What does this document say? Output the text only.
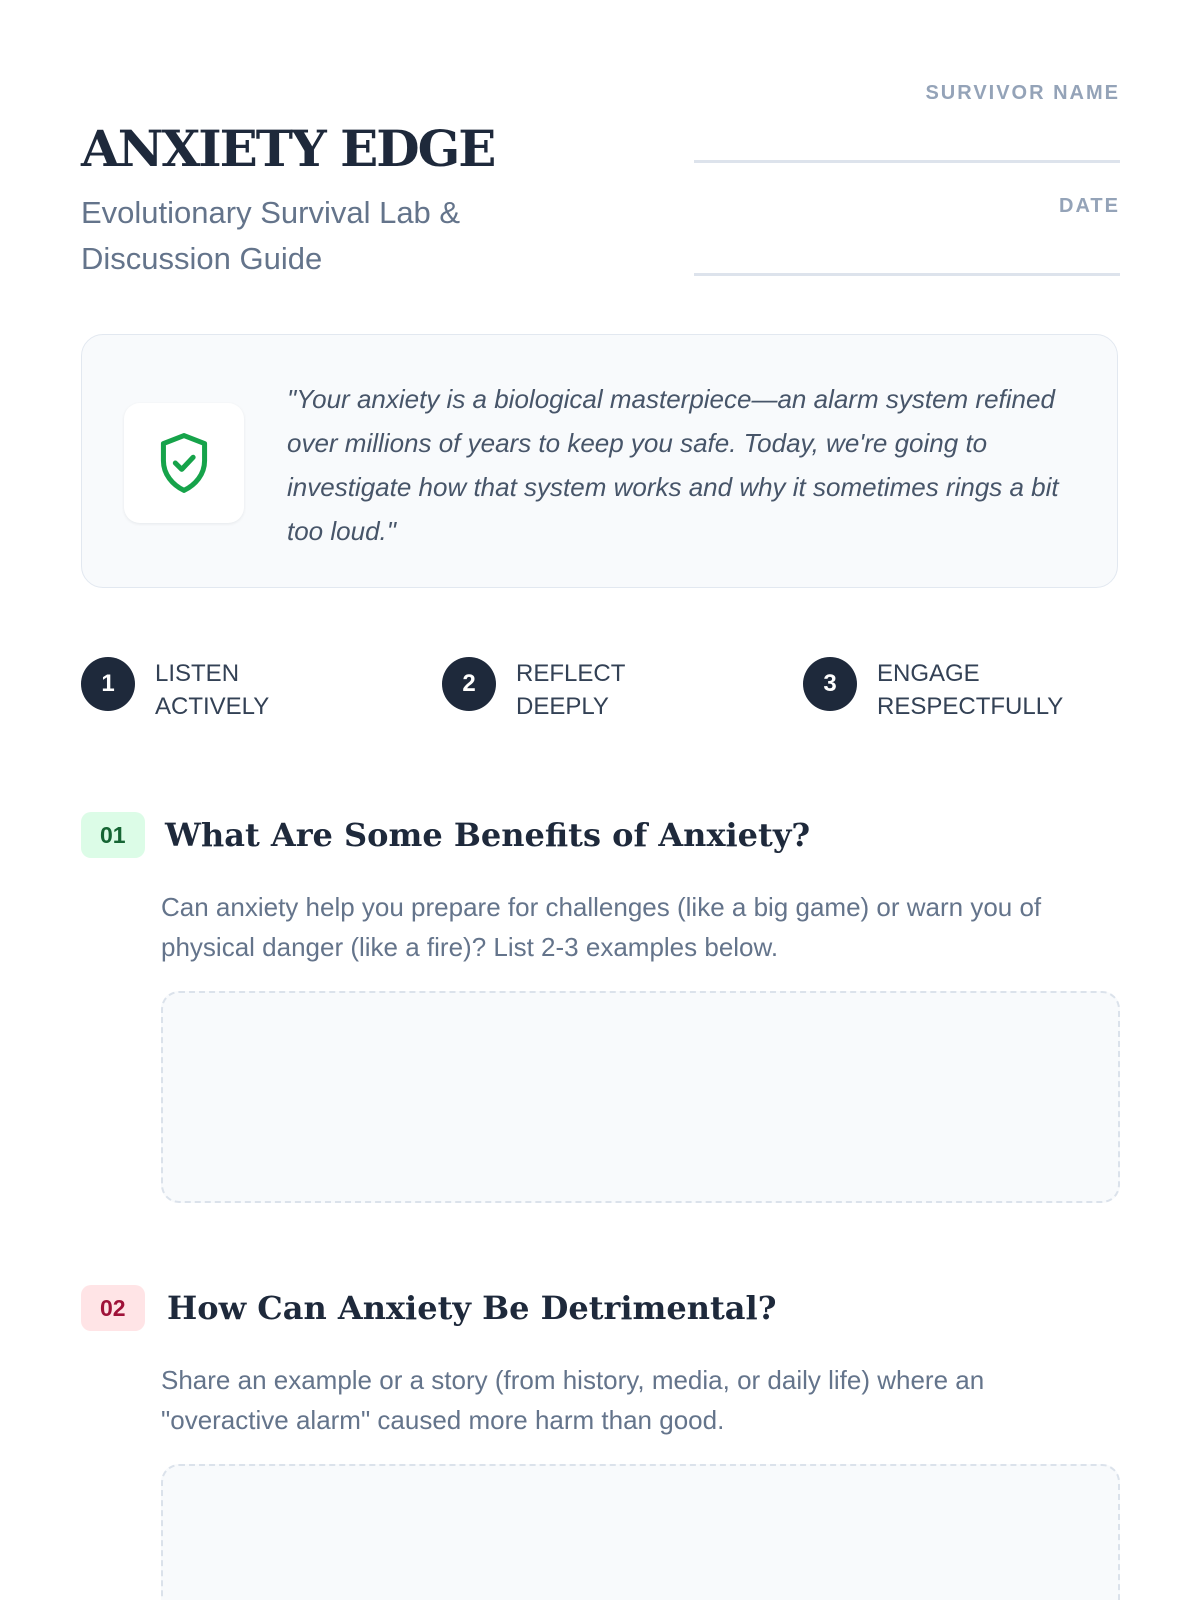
ANXIETY EDGE

Evolutionary Survival Lab & Discussion Guide

SURVIVOR NAME
DATE

"Your anxiety is a biological masterpiece—an alarm system refined over millions of years to keep you safe. Today, we're going to investigate how that system works and why it sometimes rings a bit too loud."

1	LISTEN ACTIVELY
2	REFLECT DEEPLY
3	ENGAGE RESPECTFULLY
01	What Are Some Benefits of Anxiety?

Can anxiety help you prepare for challenges (like a big game) or warn you of physical danger (like a fire)? List 2-3 examples below.

02	How Can Anxiety Be Detrimental?

Share an example or a story (from history, media, or daily life) where an "overactive alarm" caused more harm than good.
